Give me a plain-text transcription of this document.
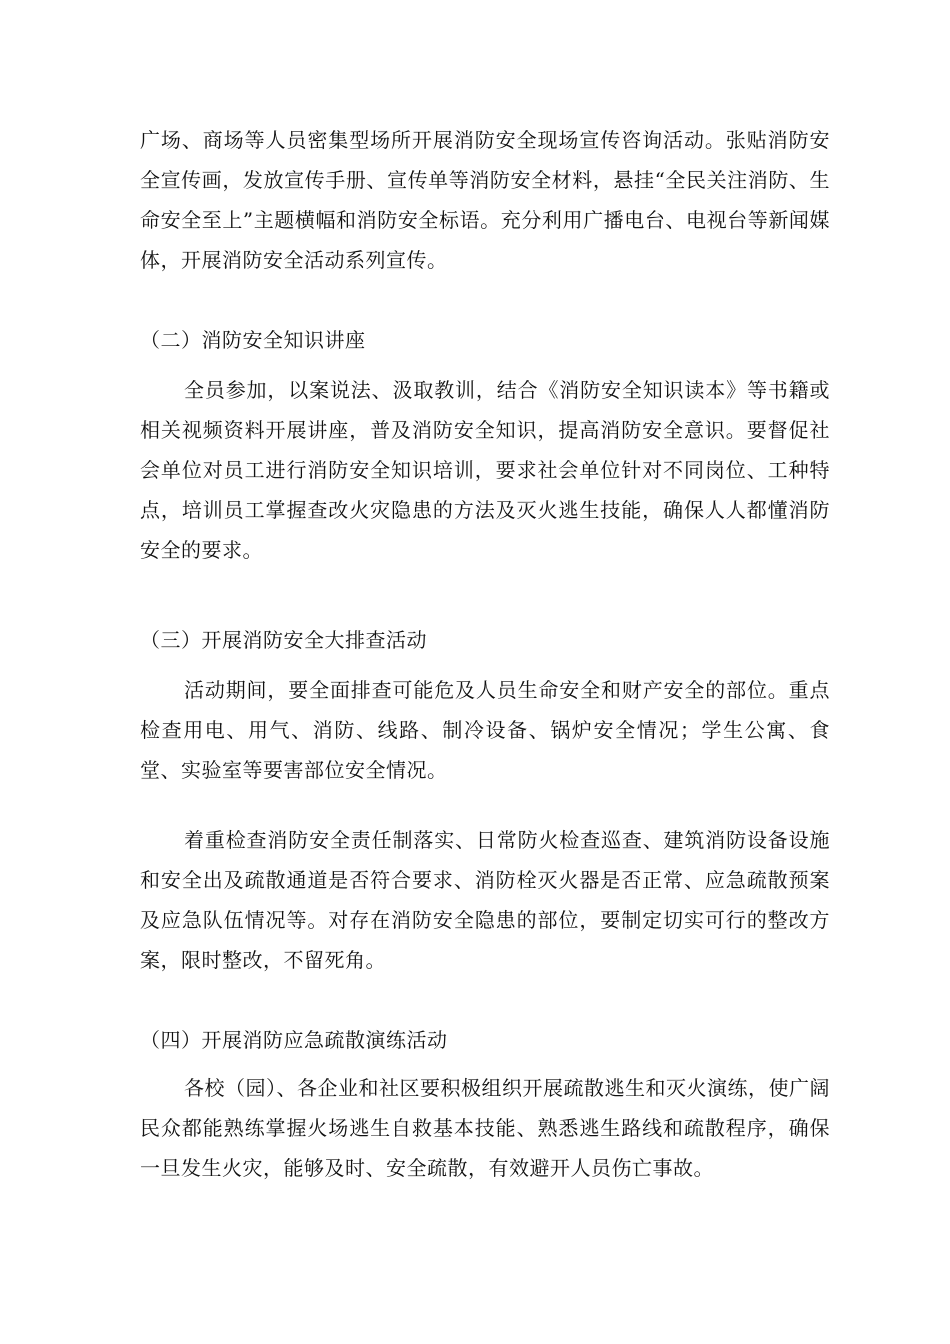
广场、商场等人员密集型场所开展消防安全现场宣传咨询活动。张贴消防安全宣传画，发放宣传手册、宣传单等消防安全材料，悬挂“全民关注消防、生命安全至上”主题横幅和消防安全标语。充分利用广播电台、电视台等新闻媒体，开展消防安全活动系列宣传。

（二）消防安全知识讲座

全员参加，以案说法、汲取教训，结合《消防安全知识读本》等书籍或相关视频资料开展讲座，普及消防安全知识，提高消防安全意识。要督促社会单位对员工进行消防安全知识培训，要求社会单位针对不同岗位、工种特点，培训员工掌握查改火灾隐患的方法及灭火逃生技能，确保人人都懂消防安全的要求。

（三）开展消防安全大排查活动

活动期间，要全面排查可能危及人员生命安全和财产安全的部位。重点检查用电、用气、消防、线路、制冷设备、锅炉安全情况；学生公寓、食堂、实验室等要害部位安全情况。

着重检查消防安全责任制落实、日常防火检查巡查、建筑消防设备设施和安全出及疏散通道是否符合要求、消防栓灭火器是否正常、应急疏散预案及应急队伍情况等。对存在消防安全隐患的部位，要制定切实可行的整改方案，限时整改，不留死角。

（四）开展消防应急疏散演练活动

各校（园）、各企业和社区要积极组织开展疏散逃生和灭火演练，使广阔民众都能熟练掌握火场逃生自救基本技能、熟悉逃生路线和疏散程序，确保一旦发生火灾，能够及时、安全疏散，有效避开人员伤亡事故。
